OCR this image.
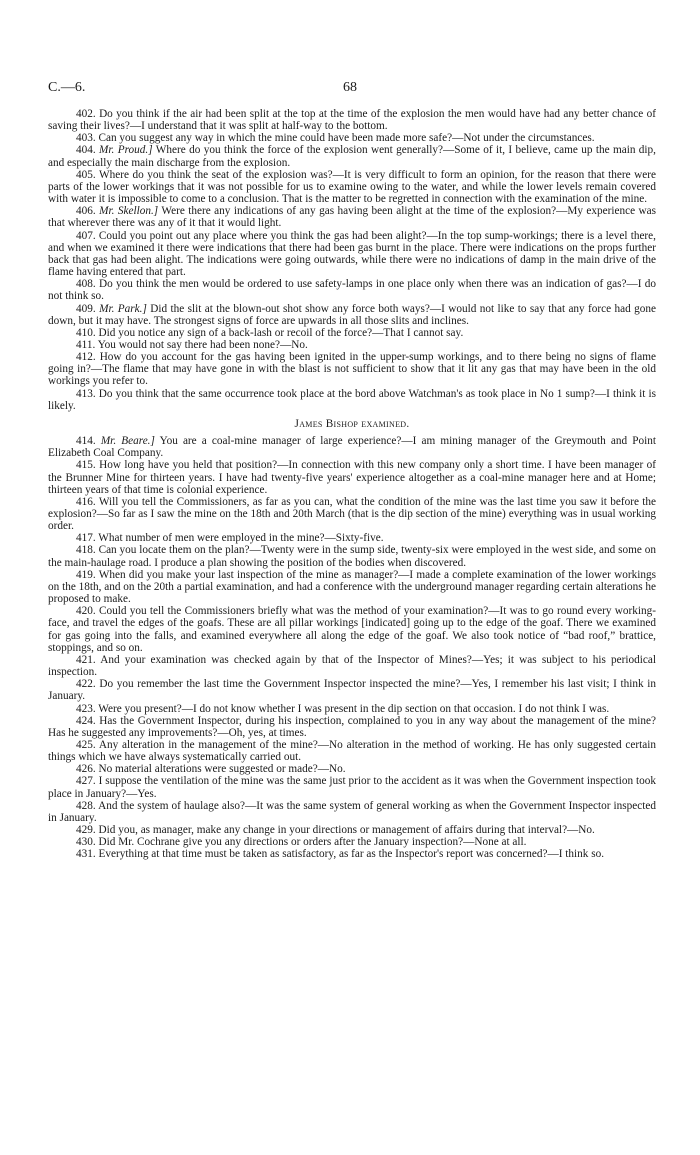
C.—6.	68

402. Do you think if the air had been split at the top at the time of the explosion the men would have had any better chance of saving their lives?—I understand that it was split at half-way to the bottom.

403. Can you suggest any way in which the mine could have been made more safe?—Not under the circumstances.

404. Mr. Proud.] Where do you think the force of the explosion went generally?—Some of it, I believe, came up the main dip, and especially the main discharge from the explosion.

405. Where do you think the seat of the explosion was?—It is very difficult to form an opinion, for the reason that there were parts of the lower workings that it was not possible for us to examine owing to the water, and while the lower levels remain covered with water it is impossible to come to a conclusion. That is the matter to be regretted in connection with the examination of the mine.

406. Mr. Skellon.] Were there any indications of any gas having been alight at the time of the explosion?—My experience was that wherever there was any of it that it would light.

407. Could you point out any place where you think the gas had been alight?—In the top sump-workings; there is a level there, and when we examined it there were indications that there had been gas burnt in the place. There were indications on the props further back that gas had been alight. The indications were going outwards, while there were no indications of damp in the main drive of the flame having entered that part.

408. Do you think the men would be ordered to use safety-lamps in one place only when there was an indication of gas?—I do not think so.

409. Mr. Park.] Did the slit at the blown-out shot show any force both ways?—I would not like to say that any force had gone down, but it may have. The strongest signs of force are upwards in all those slits and inclines.

410. Did you notice any sign of a back-lash or recoil of the force?—That I cannot say.

411. You would not say there had been none?—No.

412. How do you account for the gas having been ignited in the upper-sump workings, and to there being no signs of flame going in?—The flame that may have gone in with the blast is not sufficient to show that it lit any gas that may have been in the old workings you refer to.

413. Do you think that the same occurrence took place at the bord above Watchman's as took place in No 1 sump?—I think it is likely.

James Bishop examined.

414. Mr. Beare.] You are a coal-mine manager of large experience?—I am mining manager of the Greymouth and Point Elizabeth Coal Company.

415. How long have you held that position?—In connection with this new company only a short time. I have been manager of the Brunner Mine for thirteen years. I have had twenty-five years' experience altogether as a coal-mine manager here and at Home; thirteen years of that time is colonial experience.

416. Will you tell the Commissioners, as far as you can, what the condition of the mine was the last time you saw it before the explosion?—So far as I saw the mine on the 18th and 20th March (that is the dip section of the mine) everything was in usual working order.

417. What number of men were employed in the mine?—Sixty-five.

418. Can you locate them on the plan?—Twenty were in the sump side, twenty-six were employed in the west side, and some on the main-haulage road. I produce a plan showing the position of the bodies when discovered.

419. When did you make your last inspection of the mine as manager?—I made a complete examination of the lower workings on the 18th, and on the 20th a partial examination, and had a conference with the underground manager regarding certain alterations he proposed to make.

420. Could you tell the Commissioners briefly what was the method of your examination?—It was to go round every working-face, and travel the edges of the goafs. These are all pillar workings [indicated] going up to the edge of the goaf. There we examined for gas going into the falls, and examined everywhere all along the edge of the goaf. We also took notice of “bad roof,” brattice, stoppings, and so on.

421. And your examination was checked again by that of the Inspector of Mines?—Yes; it was subject to his periodical inspection.

422. Do you remember the last time the Government Inspector inspected the mine?—Yes, I remember his last visit; I think in January.

423. Were you present?—I do not know whether I was present in the dip section on that occasion. I do not think I was.

424. Has the Government Inspector, during his inspection, complained to you in any way about the management of the mine? Has he suggested any improvements?—Oh, yes, at times.

425. Any alteration in the management of the mine?—No alteration in the method of working. He has only suggested certain things which we have always systematically carried out.

426. No material alterations were suggested or made?—No.

427. I suppose the ventilation of the mine was the same just prior to the accident as it was when the Government inspection took place in January?—Yes.

428. And the system of haulage also?—It was the same system of general working as when the Government Inspector inspected in January.

429. Did you, as manager, make any change in your directions or management of affairs during that interval?—No.

430. Did Mr. Cochrane give you any directions or orders after the January inspection?—None at all.

431. Everything at that time must be taken as satisfactory, as far as the Inspector's report was concerned?—I think so.
